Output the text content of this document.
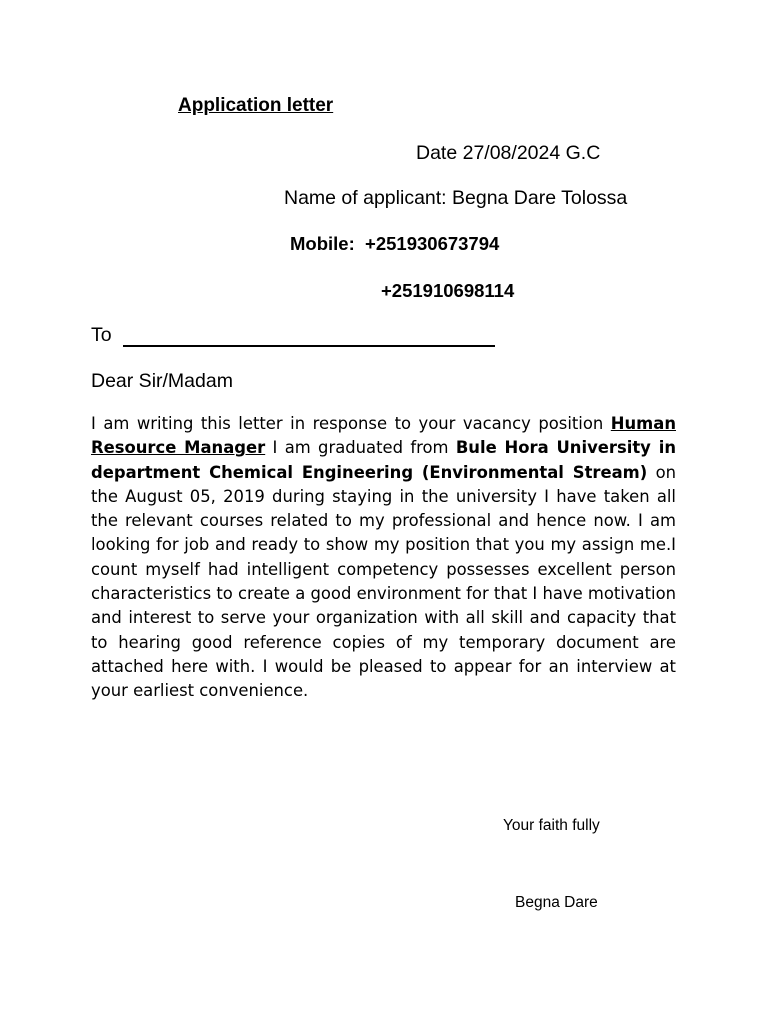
Application letter
Date 27/08/2024 G.C
Name of applicant: Begna Dare Tolossa
Mobile: +251930673794
+251910698114
To
Dear Sir/Madam

I am writing this letter in response to your vacancy position Human Resource Manager I am graduated from Bule Hora University in department Chemical Engineering (Environmental Stream) on the August 05, 2019 during staying in the university I have taken all the relevant courses related to my professional and hence now. I am looking for job and ready to show my position that you my assign me.I count myself had intelligent competency possesses excellent person characteristics to create a good environment for that I have motivation and interest to serve your organization with all skill and capacity that to hearing good reference copies of my temporary document are attached here with. I would be pleased to appear for an interview at your earliest convenience.

Your faith fully
Begna Dare
